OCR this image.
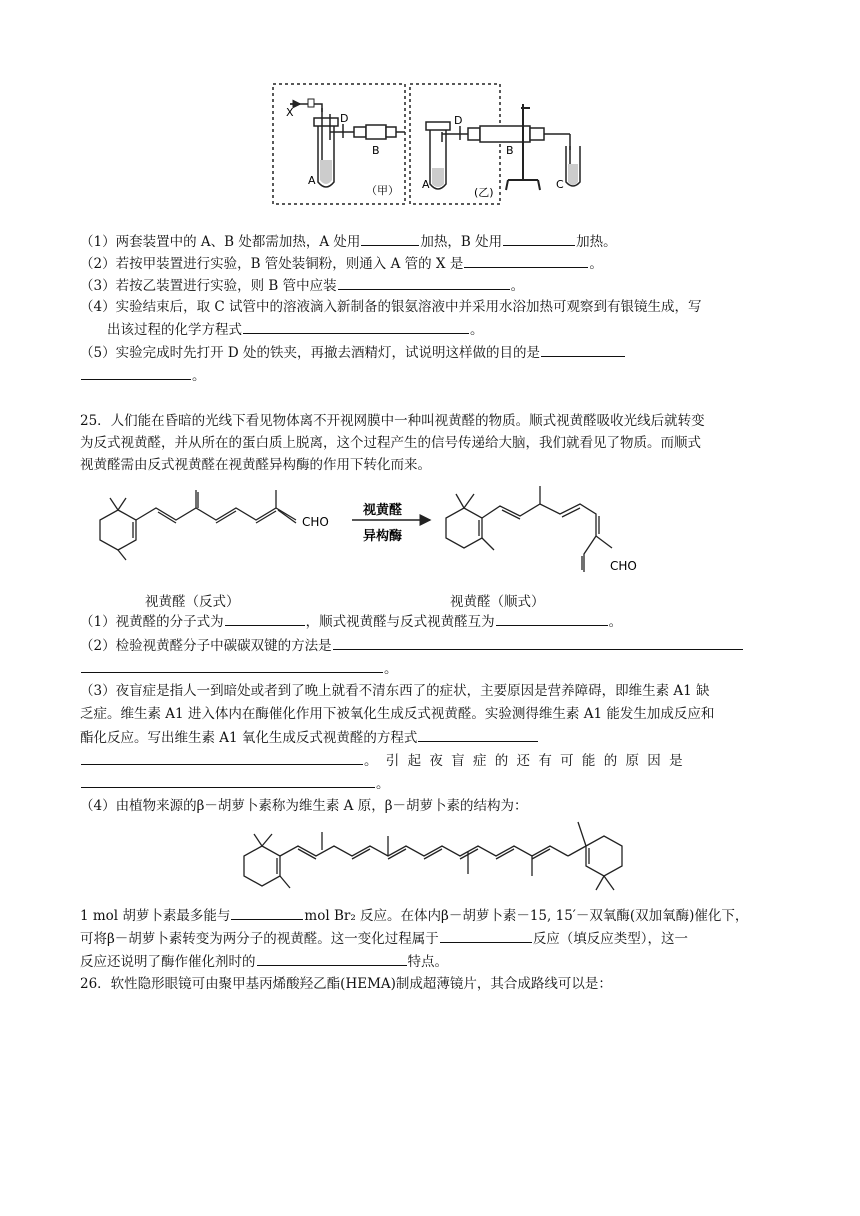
X	D
B
A
（甲）
D
B
A
(乙)
C
（1）两套装置中的 A、B 处都需加热，A 处用	加热，B 处用	加热。
（2）若按甲装置进行实验，B 管处装铜粉，则通入 A 管的 X 是	。
（3）若按乙装置进行实验，则 B 管中应装	。
（4）实验结束后，取 C 试管中的溶液滴入新制备的银氨溶液中并采用水浴加热可观察到有银镜生成，写
出该过程的化学方程式	。
（5）实验完成时先打开 D 处的铁夹，再撤去酒精灯，试说明这样做的目的是
。
25．人们能在昏暗的光线下看见物体离不开视网膜中一种叫视黄醛的物质。顺式视黄醛吸收光线后就转变
为反式视黄醛，并从所在的蛋白质上脱离，这个过程产生的信号传递给大脑，我们就看见了物质。而顺式
视黄醛需由反式视黄醛在视黄醛异构酶的作用下转化而来。
CHO
视黄醛
异构酶
CHO
视黄醛（反式）	视黄醛（顺式）
（1）视黄醛的分子式为	，顺式视黄醛与反式视黄醛互为	。
（2）检验视黄醛分子中碳碳双键的方法是
。
（3）夜盲症是指人一到暗处或者到了晚上就看不清东西了的症状，主要原因是营养障碍，即维生素 A1 缺
乏症。维生素 A1 进入体内在酶催化作用下被氧化生成反式视黄醛。实验测得维生素 A1 能发生加成反应和
酯化反应。写出维生素 A1 氧化生成反式视黄醛的方程式
。 引 起 夜 盲 症 的 还 有 可 能 的 原 因 是
。
（4）由植物来源的β－胡萝卜素称为维生素 A 原，β－胡萝卜素的结构为：
1 mol 胡萝卜素最多能与	mol Br₂ 反应。在体内β－胡萝卜素－15, 15′－双氧酶(双加氧酶)催化下，
可将β－胡萝卜素转变为两分子的视黄醛。这一变化过程属于	反应（填反应类型），这一
反应还说明了酶作催化剂时的	特点。
26．软性隐形眼镜可由聚甲基丙烯酸羟乙酯(HEMA)制成超薄镜片，其合成路线可以是：
